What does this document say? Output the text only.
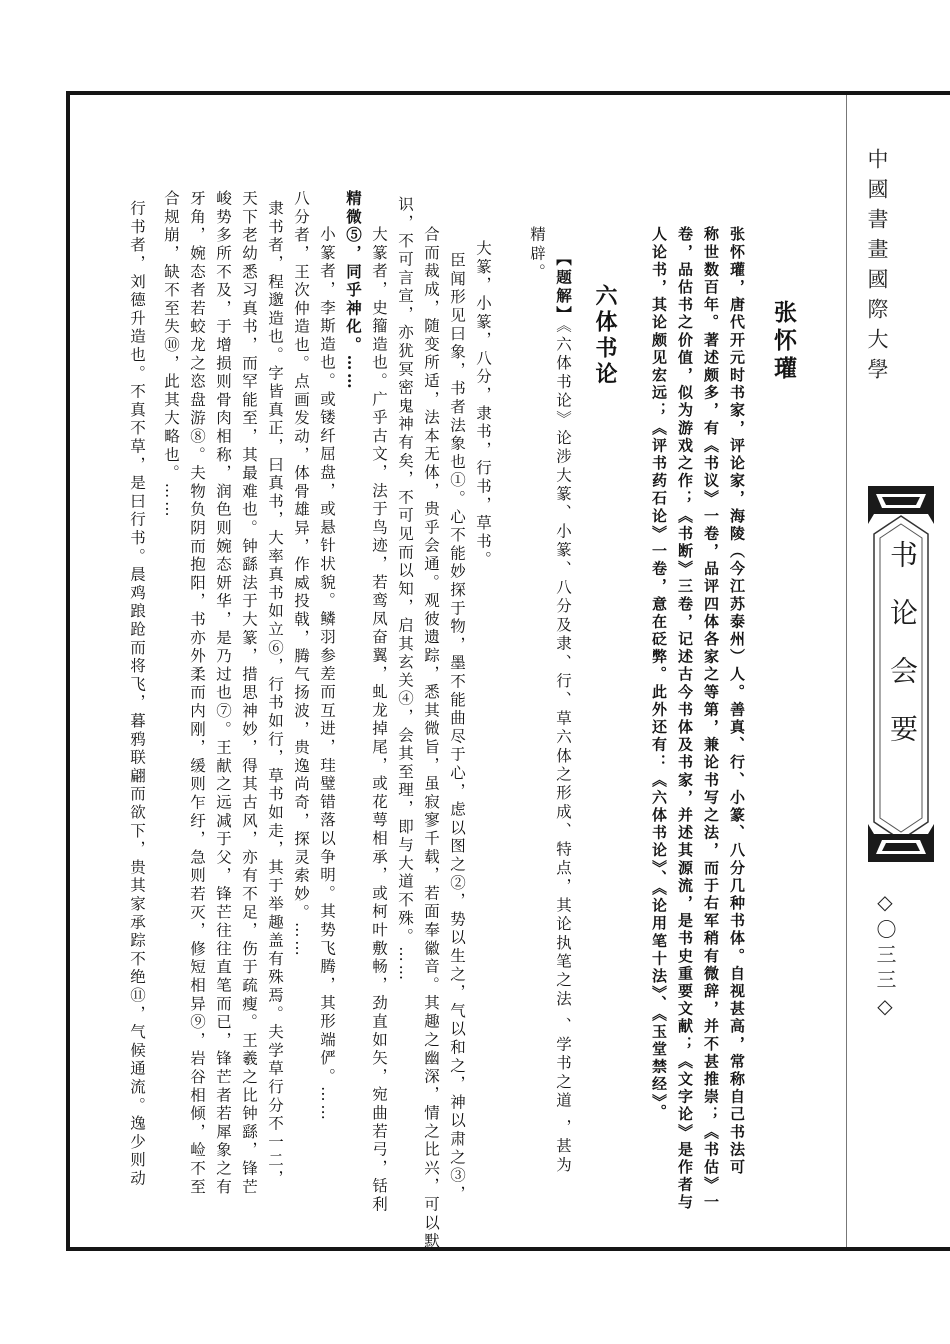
中國書畫國際大學
书论会要
◇〇三三◇
张怀瓘
张怀瓘，唐代开元时书家，评论家，海陵（今江苏泰州）人。善真、行、小篆、八分几种书体。自视甚高，常称自己书法可
称世数百年。著述颇多，有《书议》一卷，品评四体各家之等第，兼论书写之法，而于右军稍有微辞，并不甚推崇；《书估》一
卷，品估书之价值，似为游戏之作；《书断》三卷，记述古今书体及书家，并述其源流，是书史重要文献；《文字论》是作者与
人论书，其论颇见宏远；《评书药石论》一卷，意在砭弊。此外还有：《六体书论》、《论用笔十法》、《玉堂禁经》。
六体书论
【题解】《六体书论》论涉大篆、小篆、八分及隶、行、草六体之形成、特点，其论执笔之法 、学书之道 ，甚为
精辟。
大篆，小篆，八分，隶书，行书，草书。
臣闻形见曰象，书者法象也①。心不能妙探于物，墨不能曲尽于心，虑以图之②，势以生之，气以和之，神以肃之③，
合而裁成，随变所适，法本无体，贵乎会通。观彼遗踪，悉其微旨，虽寂寥千载，若面奉徽音。其趣之幽深，情之比兴，可以默
识，不可言宣，亦犹冥密鬼神有矣，不可见而以知，启其玄关④，会其至理，即与大道不殊。……
大篆者，史籀造也。广乎古文，法于鸟迹，若鸾凤奋翼，虬龙掉尾，或花萼相承，或柯叶敷畅，劲直如矢，宛曲若弓，铦利
精微⑤，同乎神化。……
小篆者，李斯造也。或镂纤屈盘，或悬针状貌。鳞羽参差而互进，珪璧错落以争明。其势飞腾，其形端俨。……
八分者，王次仲造也。点画发动，体骨雄异，作威投戟，腾气扬波，贵逸尚奇，探灵索妙。……
隶书者，程邈造也。字皆真正，曰真书，大率真书如立⑥，行书如行，草书如走，其于举趣盖有殊焉。夫学草行分不一二，
天下老幼悉习真书，而罕能至，其最难也。钟繇法于大篆，措思神妙，得其古风，亦有不足，伤于疏瘦。王羲之比钟繇，锋芒
峻势多所不及，于增损则骨肉相称，润色则婉态妍华，是乃过也⑦。王献之远减于父，锋芒往往直笔而已，锋芒者若犀象之有
牙角，婉态者若蛟龙之恣盘游⑧。夫物负阴而抱阳，书亦外柔而内刚，缓则乍纡，急则若灭，修短相异⑨，岩谷相倾，崄不至
合规崩，缺不至失⑩，此其大略也。……
行书者，刘德升造也。不真不草，是曰行书。晨鸡踉跄而将飞，暮鸦联翩而欲下，贵其家承踪不绝⑪，气候通流。逸少则动
